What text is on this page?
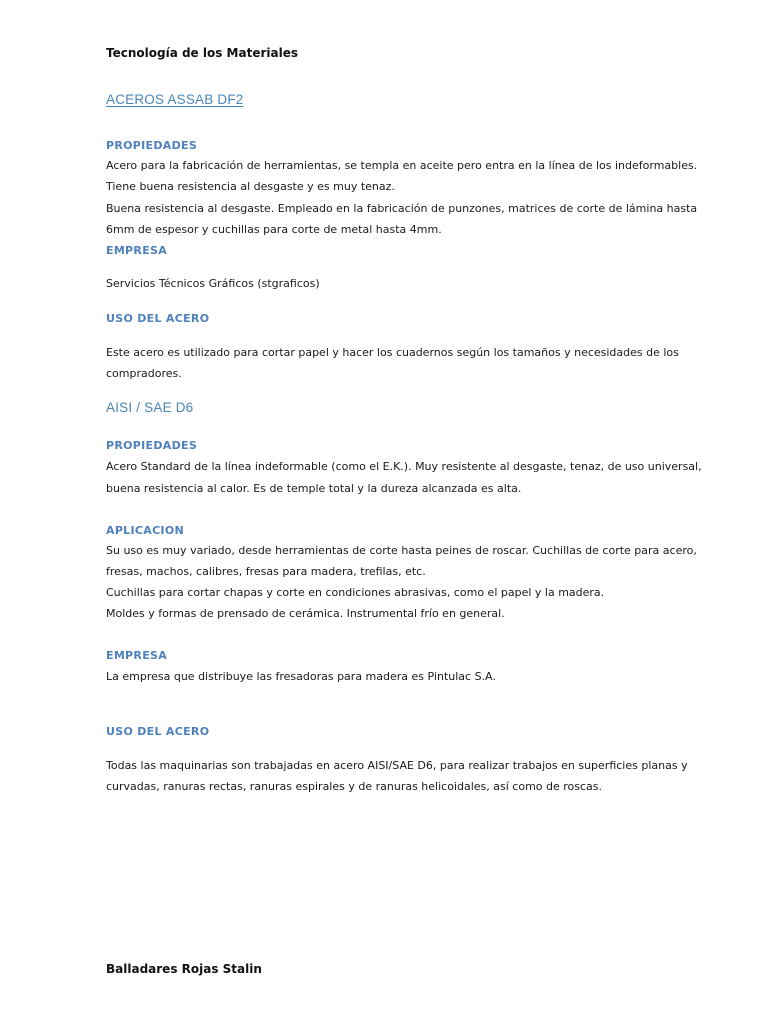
Tecnología de los Materiales
ACEROS ASSAB DF2
PROPIEDADES
Acero para la fabricación de herramientas, se templa en aceite pero entra en la línea de los indeformables.
Tiene buena resistencia al desgaste y es muy tenaz.
Buena resistencia al desgaste. Empleado en la fabricación de punzones, matrices de corte de lámina hasta
6mm de espesor y cuchillas para corte de metal hasta 4mm.
EMPRESA
Servicios Técnicos Gráficos (stgraficos)
USO DEL ACERO
Este acero es utilizado para cortar papel y hacer los cuadernos según los tamaños y necesidades de los
compradores.
AISI / SAE D6
PROPIEDADES
Acero Standard de la línea indeformable (como el E.K.). Muy resistente al desgaste, tenaz, de uso universal,
buena resistencia al calor. Es de temple total y la dureza alcanzada es alta.
APLICACION
Su uso es muy variado, desde herramientas de corte hasta peines de roscar. Cuchillas de corte para acero,
fresas, machos, calibres, fresas para madera, trefilas, etc.
Cuchillas para cortar chapas y corte en condiciones abrasivas, como el papel y la madera.
Moldes y formas de prensado de cerámica. Instrumental frío en general.
EMPRESA
La empresa que distribuye las fresadoras para madera es Pintulac S.A.
USO DEL ACERO
Todas las maquinarias son trabajadas en acero AISI/SAE D6, para realizar trabajos en superficies planas y
curvadas, ranuras rectas, ranuras espirales y de ranuras helicoidales, así como de roscas.
Balladares Rojas Stalin
